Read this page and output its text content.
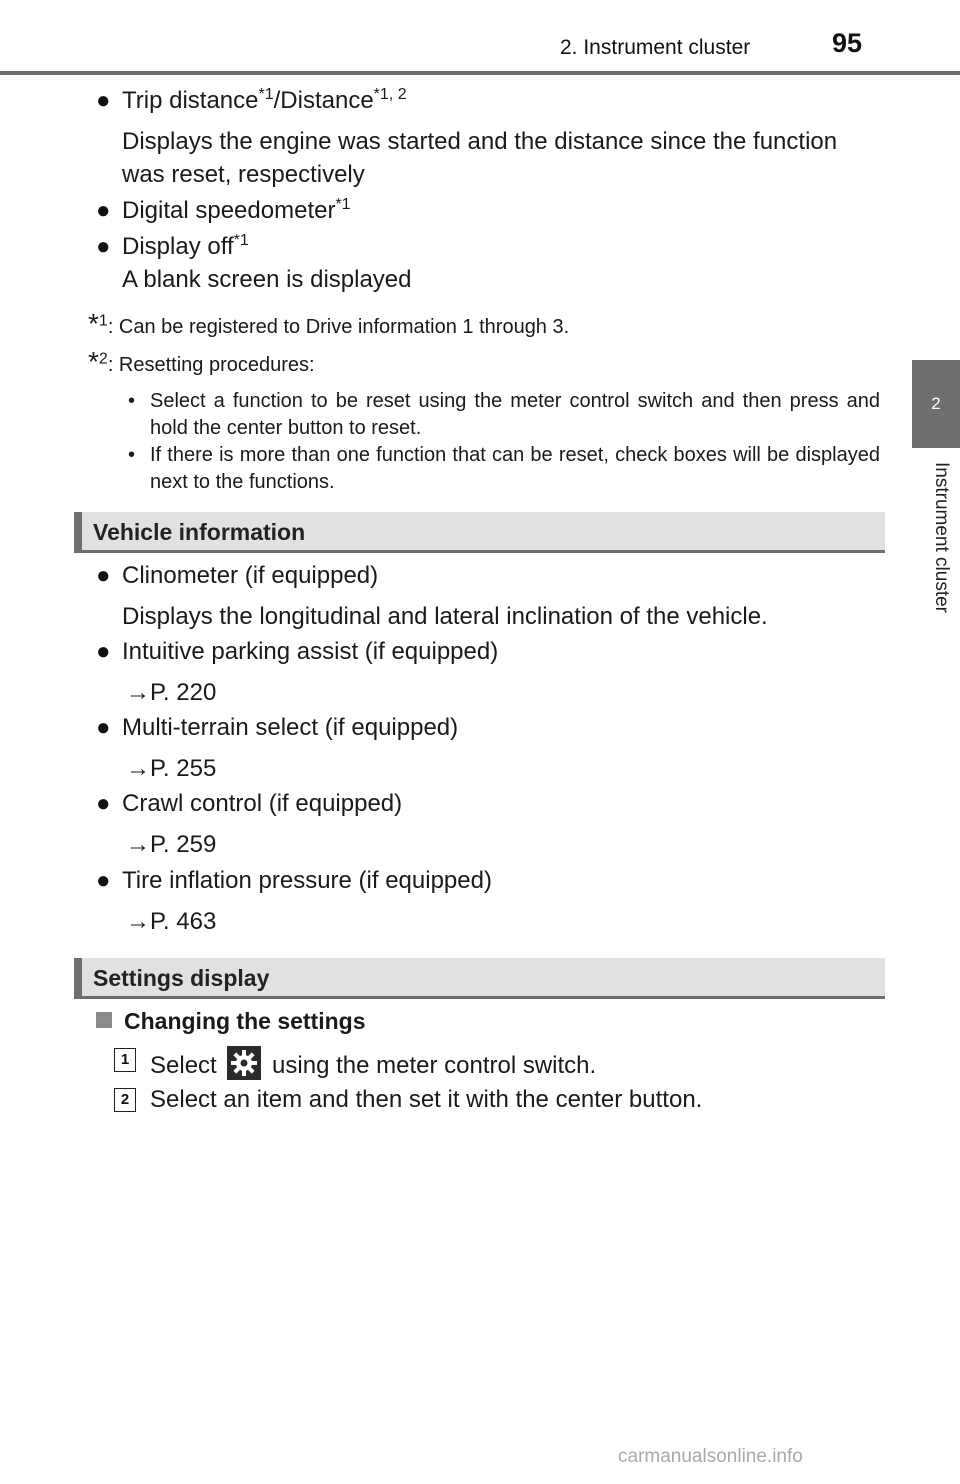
2. Instrument cluster	95
2
Instrument cluster
● Trip distance$^{*1}$/Distance$^{*1, 2}$
Displays the engine was started and the distance since the function
was reset, respectively
● Digital speedometer$^{*1}$
● Display off$^{*1}$
A blank screen is displayed
*$^1$: Can be registered to Drive information 1 through 3.
*$^2$: Resetting procedures:
• Select a function to be reset using the meter control switch and then press and hold the center button to reset.
• If there is more than one function that can be reset, check boxes will be displayed next to the functions.
Vehicle information
● Clinometer (if equipped)
Displays the longitudinal and lateral inclination of the vehicle.
● Intuitive parking assist (if equipped)
→P. 220
● Multi-terrain select (if equipped)
→P. 255
● Crawl control (if equipped)
→P. 259
● Tire inflation pressure (if equipped)
→P. 463
Settings display
Changing the settings
1 Select using the meter control switch.
2 Select an item and then set it with the center button.
carmanualsonline.info
